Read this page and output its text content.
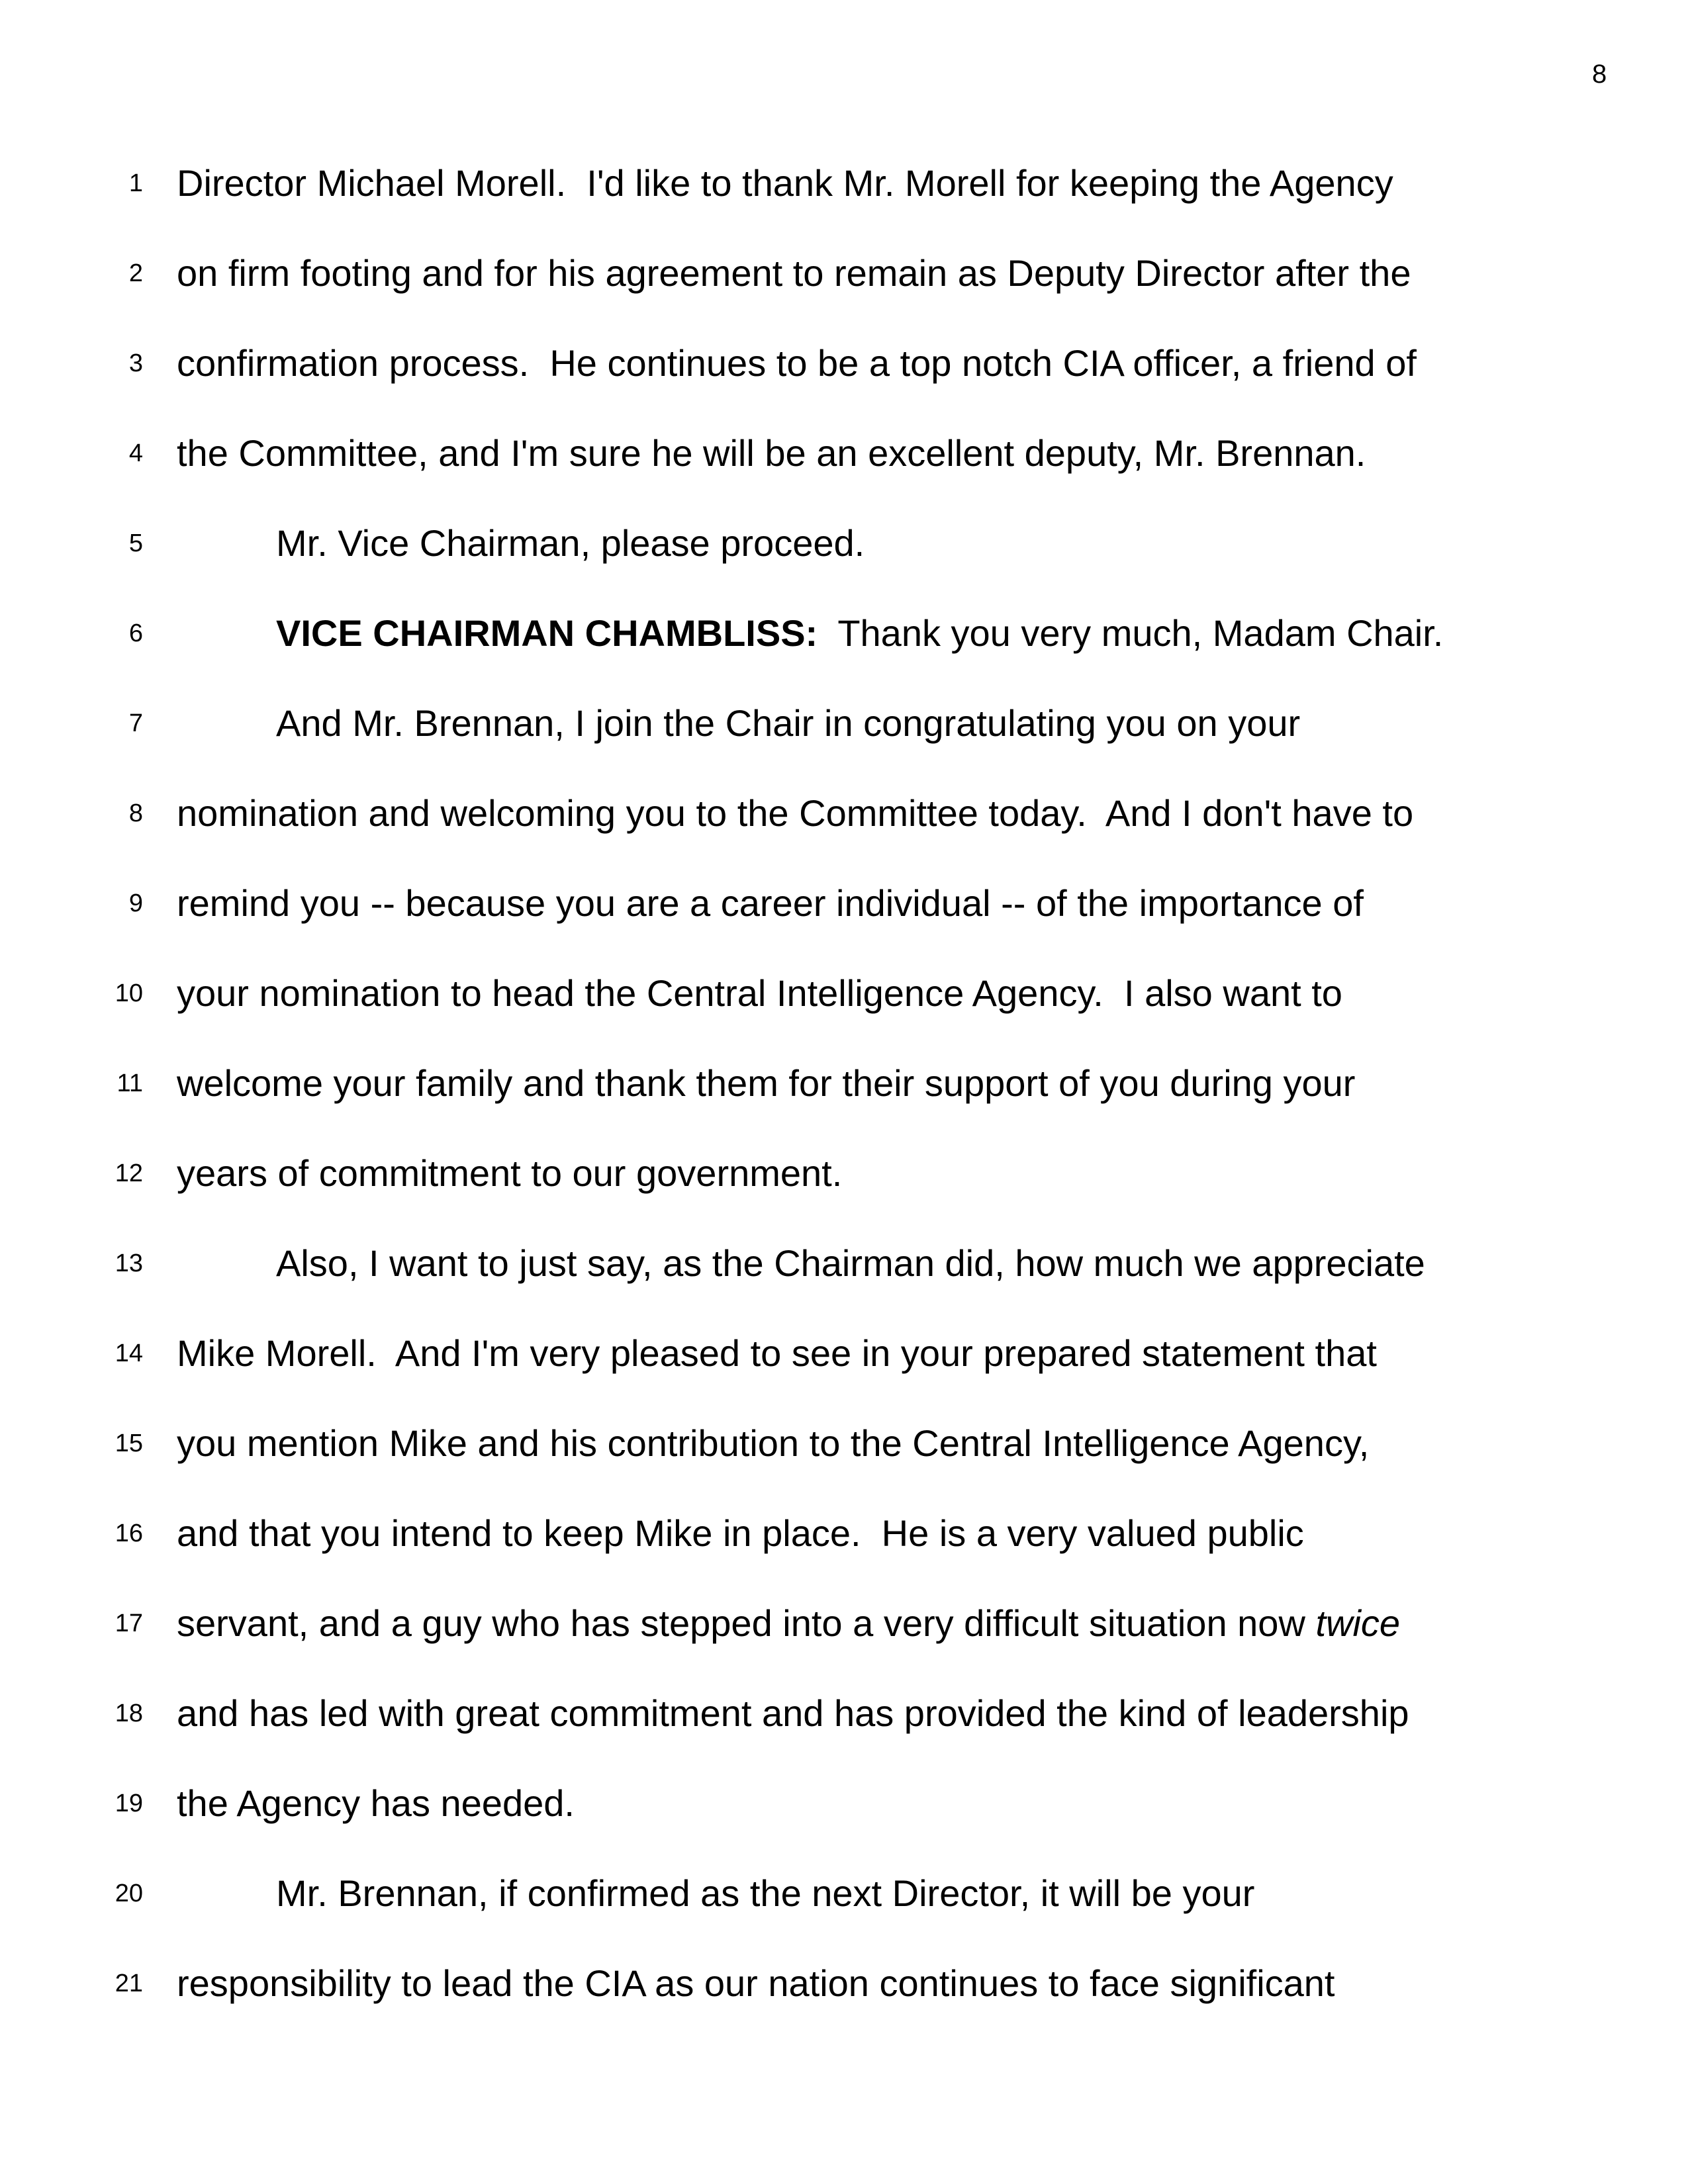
8
1 Director Michael Morell.  I'd like to thank Mr. Morell for keeping the Agency
2 on firm footing and for his agreement to remain as Deputy Director after the
3 confirmation process.  He continues to be a top notch CIA officer, a friend of
4 the Committee, and I'm sure he will be an excellent deputy, Mr. Brennan.
5	Mr. Vice Chairman, please proceed.
6	VICE CHAIRMAN CHAMBLISS:  Thank you very much, Madam Chair.
7	And Mr. Brennan, I join the Chair in congratulating you on your
8 nomination and welcoming you to the Committee today.  And I don't have to
9 remind you -- because you are a career individual -- of the importance of
10 your nomination to head the Central Intelligence Agency.  I also want to
11 welcome your family and thank them for their support of you during your
12 years of commitment to our government.
13	Also, I want to just say, as the Chairman did, how much we appreciate
14 Mike Morell.  And I'm very pleased to see in your prepared statement that
15 you mention Mike and his contribution to the Central Intelligence Agency,
16 and that you intend to keep Mike in place.  He is a very valued public
17 servant, and a guy who has stepped into a very difficult situation now twice
18 and has led with great commitment and has provided the kind of leadership
19 the Agency has needed.
20	Mr. Brennan, if confirmed as the next Director, it will be your
21 responsibility to lead the CIA as our nation continues to face significant
